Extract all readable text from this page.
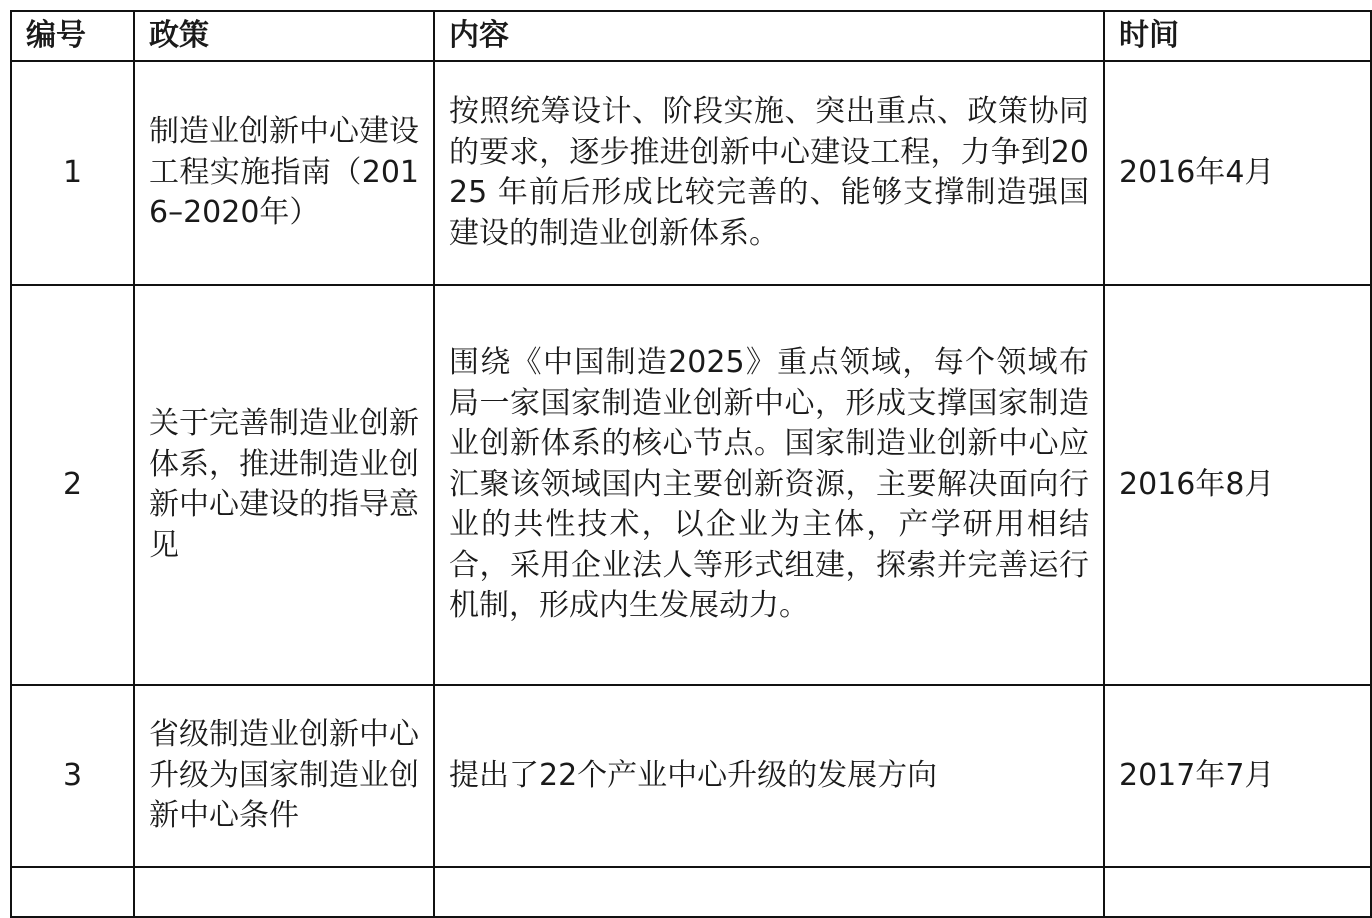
编号	政策	内容	时间
1	制造业创新中心建设工程实施指南（2016–2020年）	按照统筹设计、阶段实施、突出重点、政策协同的要求，逐步推进创新中心建设工程，力争到2025 年前后形成比较完善的、能够支撑制造强国建设的制造业创新体系。	2016年4月
2	关于完善制造业创新体系，推进制造业创新中心建设的指导意见	围绕《中国制造2025》重点领域，每个领域布局一家国家制造业创新中心，形成支撑国家制造业创新体系的核心节点。国家制造业创新中心应汇聚该领域国内主要创新资源，主要解决面向行业的共性技术，以企业为主体，产学研用相结合，采用企业法人等形式组建，探索并完善运行机制，形成内生发展动力。	2016年8月
3	省级制造业创新中心升级为国家制造业创新中心条件	提出了22个产业中心升级的发展方向	2017年7月
